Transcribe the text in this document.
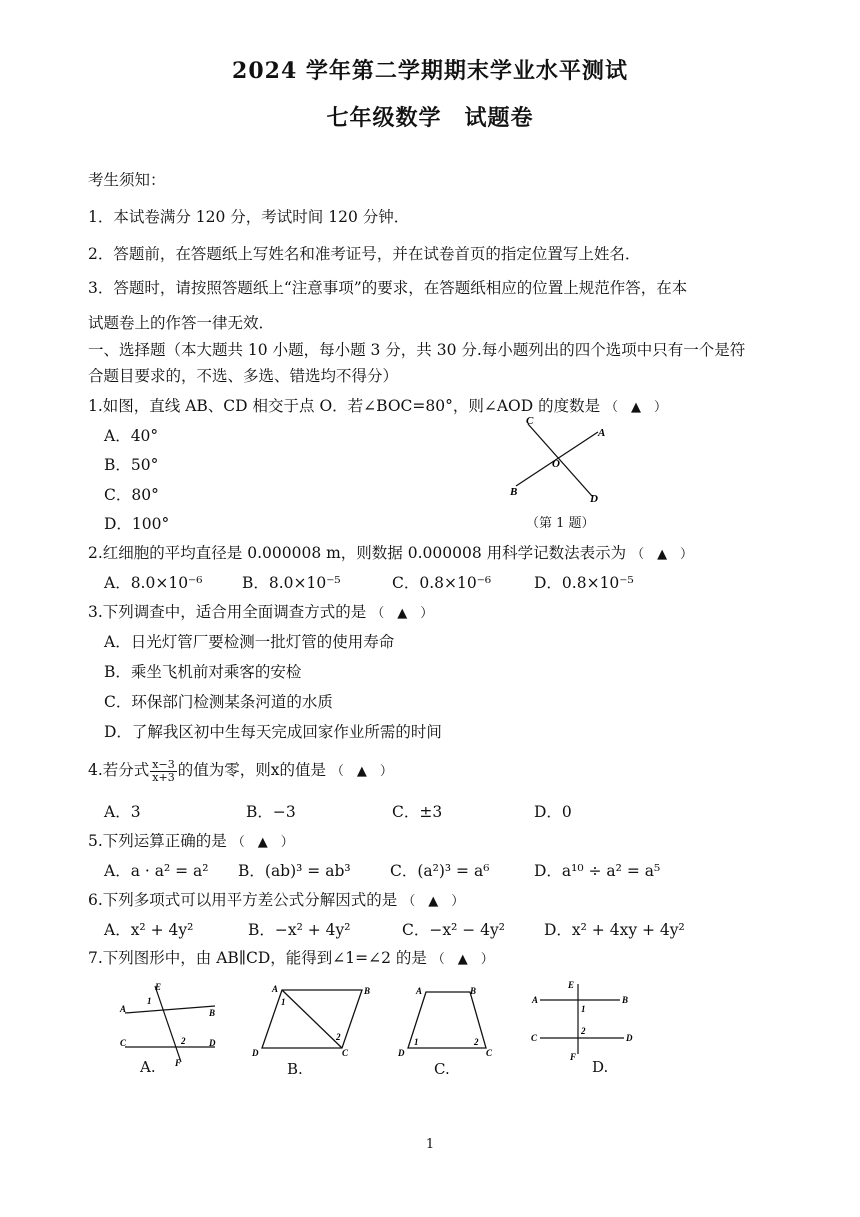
2024 学年第二学期期末学业水平测试
七年级数学　试题卷
考生须知：
1．本试卷满分 120 分，考试时间 120 分钟．
2．答题前，在答题纸上写姓名和准考证号，并在试卷首页的指定位置写上姓名．
3．答题时，请按照答题纸上“注意事项”的要求，在答题纸相应的位置上规范作答，在本
试题卷上的作答一律无效．
一、选择题（本大题共 10 小题，每小题 3 分，共 30 分.每小题列出的四个选项中只有一个是符
合题目要求的，不选、多选、错选均不得分）
1.如图，直线 AB、CD 相交于点 O．若∠BOC=80°，则∠AOD 的度数是 （　▲　）
A．40°
B．50°
C．80°
D．100°
C
A
O
B
D
（第 1 题）
2.红细胞的平均直径是 0.000008 m，则数据 0.000008 用科学记数法表示为 （　▲　）
A．8.0×10⁻⁶	B．8.0×10⁻⁵	C．0.8×10⁻⁶	D．0.8×10⁻⁵
3.下列调查中，适合用全面调查方式的是 （　▲　）
A．日光灯管厂要检测一批灯管的使用寿命
B．乘坐飞机前对乘客的安检
C．环保部门检测某条河道的水质
D．了解我区初中生每天完成回家作业所需的时间
4.若分式 $\frac{x-3}{x+3}$ 的值为零，则x的值是 （　▲　）
A．3	B．−3	C．±3	D．0
5.下列运算正确的是 （　▲　）
A．a · a² = a² B．(ab)³ = ab³	C．(a²)³ = a⁶	D．a¹⁰ ÷ a² = a⁵
6.下列多项式可以用平方差公式分解因式的是 （　▲　）
A．x² + 4y²	B．−x² + 4y²	C．−x² − 4y²	D．x² + 4xy + 4y²
7.下列图形中，由 AB∥CD，能得到∠1=∠2 的是 （　▲　）
A	B
C	D
E
F
1
2
A.
A	B
D	C
1
2
B.
A	B
D	C
1	2
C.
A	B
C	D
E
F
1
2
D.
1
